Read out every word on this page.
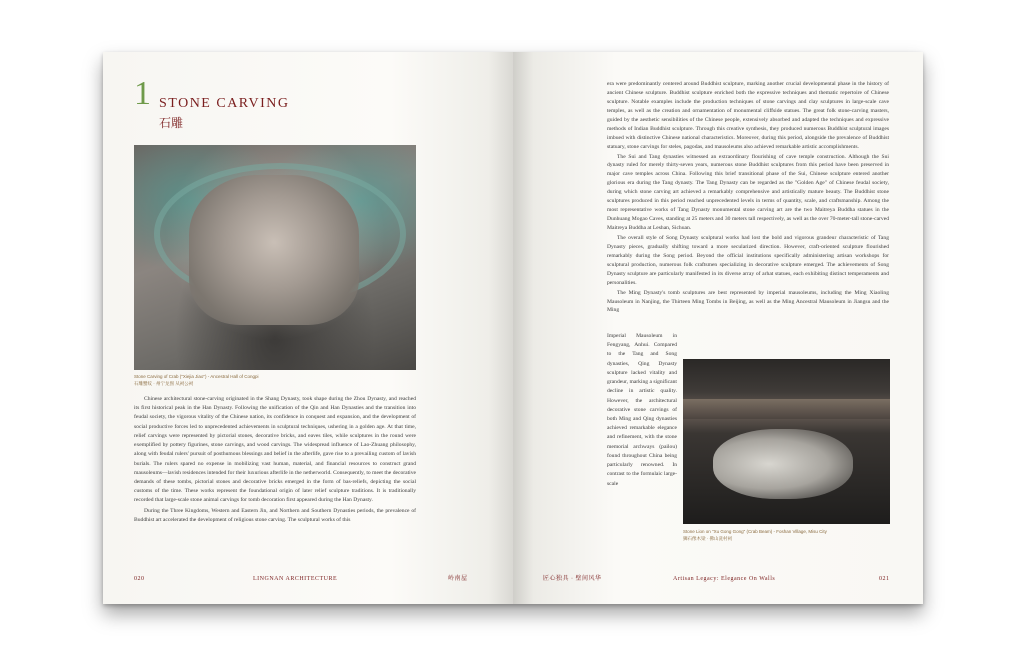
1 STONE CARVING
石雕
Stone Carving of Crab ("Xiejia Jiao") - Ancestral Hall of Congpi
石雕蟹纹 · 州宁龙图 从祠公祠

Chinese architectural stone-carving originated in the Shang Dynasty, took shape during the Zhou Dynasty, and reached its first historical peak in the Han Dynasty. Following the unification of the Qin and Han Dynasties and the transition into feudal society, the vigorous vitality of the Chinese nation, its confidence in conquest and expansion, and the development of social productive forces led to unprecedented achievements in sculptural techniques, ushering in a golden age. At that time, relief carvings were represented by pictorial stones, decorative bricks, and eaves tiles, while sculptures in the round were exemplified by pottery figurines, stone carvings, and wood carvings. The widespread influence of Lao-Zhuang philosophy, along with feudal rulers' pursuit of posthumous blessings and belief in the afterlife, gave rise to a prevailing custom of lavish burials. The rulers spared no expense in mobilizing vast human, material, and financial resources to construct grand mausoleums—lavish residences intended for their luxurious afterlife in the netherworld. Consequently, to meet the decorative demands of these tombs, pictorial stones and decorative bricks emerged in the form of bas-reliefs, depicting the social customs of the time. These works represent the foundational origin of later relief sculpture traditions. It is traditionally recorded that large-scale stone animal carvings for tomb decoration first appeared during the Han Dynasty.

During the Three Kingdoms, Western and Eastern Jin, and Northern and Southern Dynasties periods, the prevalence of Buddhist art accelerated the development of religious stone carving. The sculptural works of this

020	LINGNAN ARCHITECTURE	岭南屋

era were predominantly centered around Buddhist sculpture, marking another crucial developmental phase in the history of ancient Chinese sculpture. Buddhist sculpture enriched both the expressive techniques and thematic repertoire of Chinese sculpture. Notable examples include the production techniques of stone carvings and clay sculptures in large-scale cave temples, as well as the creation and ornamentation of monumental cliffside statues. The great folk stone-carving masters, guided by the aesthetic sensibilities of the Chinese people, extensively absorbed and adapted the techniques and expressive methods of Indian Buddhist sculpture. Through this creative synthesis, they produced numerous Buddhist sculptural images imbued with distinctive Chinese national characteristics. Moreover, during this period, alongside the prevalence of Buddhist statuary, stone carvings for steles, pagodas, and mausoleums also achieved remarkable artistic accomplishments.

The Sui and Tang dynasties witnessed an extraordinary flourishing of cave temple construction. Although the Sui dynasty ruled for merely thirty-seven years, numerous stone Buddhist sculptures from this period have been preserved in major cave temples across China. Following this brief transitional phase of the Sui, Chinese sculpture entered another glorious era during the Tang dynasty. The Tang Dynasty can be regarded as the "Golden Age" of Chinese feudal society, during which stone carving art achieved a remarkably comprehensive and artistically mature beauty. The Buddhist stone sculptures produced in this period reached unprecedented levels in terms of quantity, scale, and craftsmanship. Among the most representative works of Tang Dynasty monumental stone carving art are the two Maitreya Buddha statues in the Dunhuang Mogao Caves, standing at 25 meters and 30 meters tall respectively, as well as the over 70-meter-tall stone-carved Maitreya Buddha at Leshan, Sichuan.

The overall style of Song Dynasty sculptural works had lost the bold and vigorous grandeur characteristic of Tang Dynasty pieces, gradually shifting toward a more secularized direction. However, craft-oriented sculpture flourished remarkably during the Song period. Beyond the official institutions specifically administering artisan workshops for sculptural production, numerous folk craftsmen specializing in decorative sculpture emerged. The achievements of Song Dynasty sculpture are particularly manifested in its diverse array of arhat statues, each exhibiting distinct temperaments and personalities.

The Ming Dynasty's tomb sculptures are best represented by imperial mausoleums, including the Ming Xiaoling Mausoleum in Nanjing, the Thirteen Ming Tombs in Beijing, as well as the Ming Ancestral Mausoleum in Jiangsu and the Ming

Imperial Mausoleum in Fengyang, Anhui. Compared to the Tang and Song dynasties, Qing Dynasty sculpture lacked vitality and grandeur, marking a significant decline in artistic quality. However, the architectural decorative stone carvings of both Ming and Qing dynasties achieved remarkable elegance and refinement, with the stone memorial archways (pailou) found throughout China being particularly renowned. In contrast to the formulaic large-scale
Stone Lion on "Xu Gong Gong" (Crab Beam) - Foshan Village, Misu City
狮石像木梁 · 佛山冼村祠
匠心独具 · 壁间风华	Artisan Legacy: Elegance On Walls	021
